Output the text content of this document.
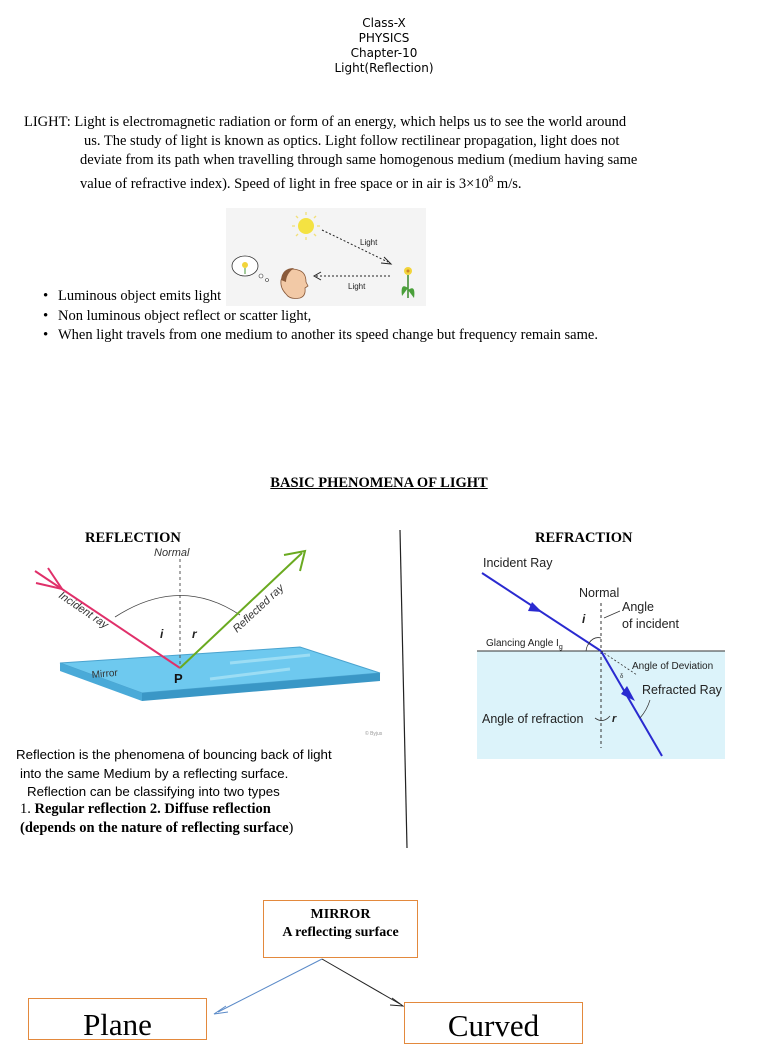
Class-X
PHYSICS
Chapter-10
Light(Reflection)
LIGHT: Light is electromagnetic radiation or form of an energy, which helps us to see the world around
us. The study of light is known as optics. Light follow rectilinear propagation, light does not
deviate from its path when travelling through same homogenous medium (medium having same
value of refractive index). Speed of light in free space or in air is $3\times 10^8$ m/s.
Light
Light
• Luminous object emits light
• Non luminous object reflect or scatter light,
• When light travels from one medium to another its speed change but frequency remain same.
BASIC PHENOMENA OF LIGHT
REFLECTION
Normal
Incident ray	Reflected ray
i r
Mirror	P
© Byjus
Reflection is the phenomena of bouncing back of light
into the same Medium by a reflecting surface.
Reflection can be classifying into two types
1. Regular reflection 2. Diffuse reflection
(depends on the nature of reflecting surface)
REFRACTION
Incident Ray
Normal
Angle
of incident
i
Glancing Angle $I_g$
Angle of Deviation
δ
Refracted Ray
Angle of refraction	r
MIRROR
A reflecting surface
Plane	Curved
